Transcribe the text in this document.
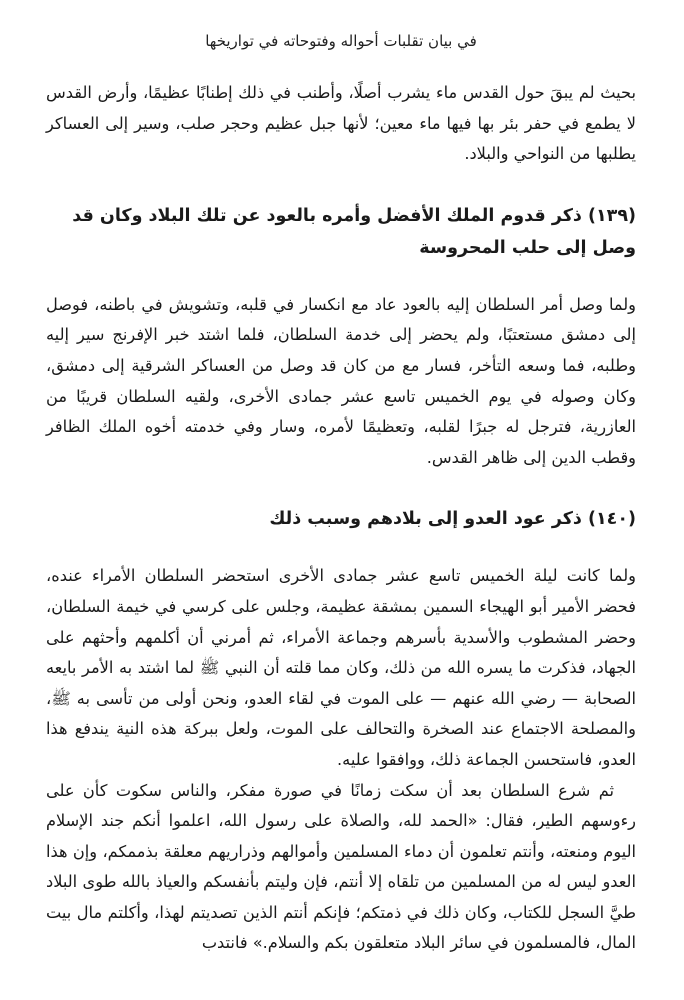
في بيان تقلبات أحواله وفتوحاته في تواريخها

بحيث لم يبقَ حول القدس ماء يشرب أصلًا، وأطنب في ذلك إطنابًا عظيمًا، وأرض القدس لا يطمع في حفر بئر بها فيها ماء معين؛ لأنها جبل عظيم وحجر صلب، وسير إلى العساكر يطلبها من النواحي والبلاد.

(١٣٩) ذكر قدوم الملك الأفضل وأمره بالعود عن تلك البلاد وكان قد وصل إلى حلب المحروسة

ولما وصل أمر السلطان إليه بالعود عاد مع انكسار في قلبه، وتشويش في باطنه، فوصل إلى دمشق مستعتبًا، ولم يحضر إلى خدمة السلطان، فلما اشتد خبر الإفرنج سير إليه وطلبه، فما وسعه التأخر، فسار مع من كان قد وصل من العساكر الشرقية إلى دمشق، وكان وصوله في يوم الخميس تاسع عشر جمادى الأخرى، ولقيه السلطان قريبًا من العازرية، فترجل له جبرًا لقلبه، وتعظيمًا لأمره، وسار وفي خدمته أخوه الملك الظافر وقطب الدين إلى ظاهر القدس.

(١٤٠) ذكر عود العدو إلى بلادهم وسبب ذلك

ولما كانت ليلة الخميس تاسع عشر جمادى الأخرى استحضر السلطان الأمراء عنده، فحضر الأمير أبو الهيجاء السمين بمشقة عظيمة، وجلس على كرسي في خيمة السلطان، وحضر المشطوب والأسدية بأسرهم وجماعة الأمراء، ثم أمرني أن أكلمهم وأحثهم على الجهاد، فذكرت ما يسره الله من ذلك، وكان مما قلته أن النبي ﷺ لما اشتد به الأمر بايعه الصحابة — رضي الله عنهم — على الموت في لقاء العدو، ونحن أولى من تأسى به ﷺ، والمصلحة الاجتماع عند الصخرة والتحالف على الموت، ولعل ببركة هذه النية يندفع هذا العدو، فاستحسن الجماعة ذلك، ووافقوا عليه.

ثم شرع السلطان بعد أن سكت زمانًا في صورة مفكر، والناس سكوت كأن على رءوسهم الطير، فقال: «الحمد لله، والصلاة على رسول الله، اعلموا أنكم جند الإسلام اليوم ومنعته، وأنتم تعلمون أن دماء المسلمين وأموالهم وذراريهم معلقة بذممكم، وإن هذا العدو ليس له من المسلمين من تلقاه إلا أنتم، فإن وليتم بأنفسكم والعياذ بالله طوى البلاد طيَّ السجل للكتاب، وكان ذلك في ذمتكم؛ فإنكم أنتم الذين تصديتم لهذا، وأكلتم مال بيت المال، فالمسلمون في سائر البلاد متعلقون بكم والسلام.» فانتدب
